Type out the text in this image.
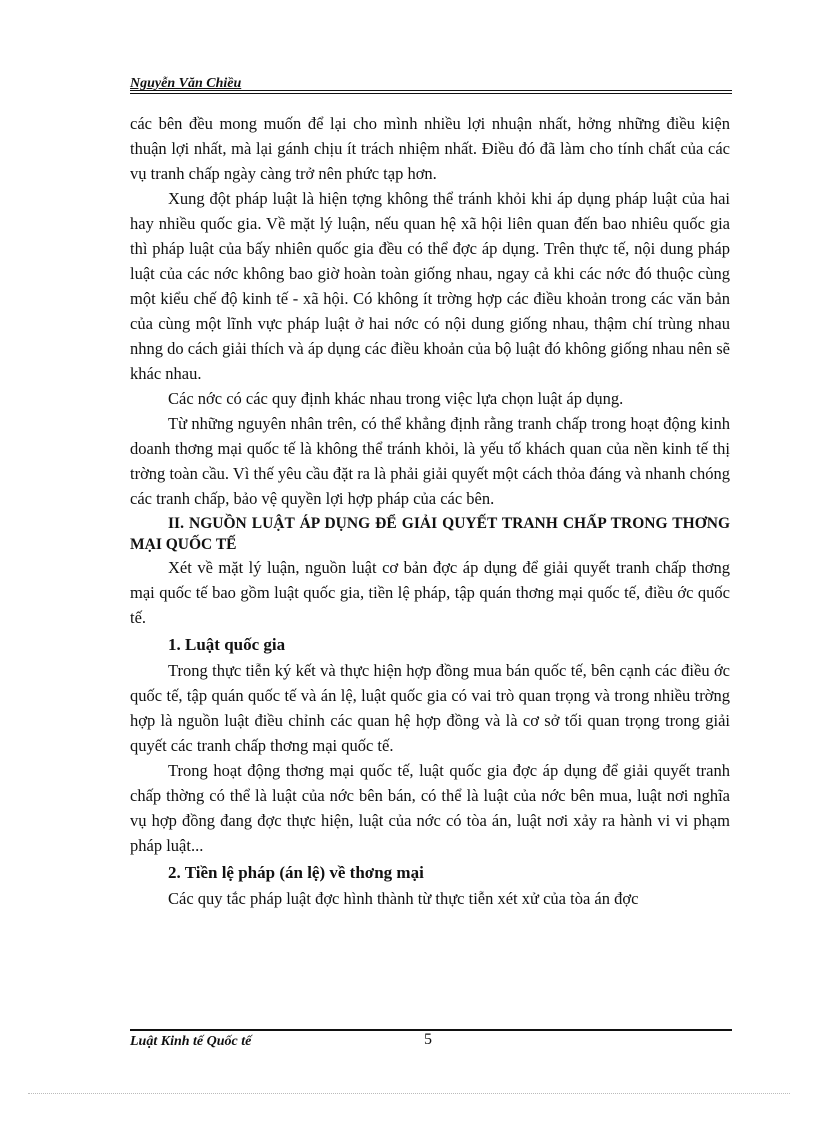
Nguyễn Văn Chiều

các bên đều mong muốn để lại cho mình nhiều lợi nhuận nhất, hởng những điều kiện thuận lợi nhất, mà lại gánh chịu ít trách nhiệm nhất. Điều đó đã làm cho tính chất của các vụ tranh chấp ngày càng trở nên phức tạp hơn.

Xung đột pháp luật là hiện tợng không thể tránh khỏi khi áp dụng pháp luật của hai hay nhiều quốc gia. Về mặt lý luận, nếu quan hệ xã hội liên quan đến bao nhiêu quốc gia thì pháp luật của bấy nhiên quốc gia đều có thể đợc áp dụng. Trên thực tế, nội dung pháp luật của các nớc không bao giờ hoàn toàn giống nhau, ngay cả khi các nớc đó thuộc cùng một kiểu chế độ kinh tế - xã hội. Có không ít trờng hợp các điều khoản trong các văn bản của cùng một lĩnh vực pháp luật ở hai nớc có nội dung giống nhau, thậm chí trùng nhau nhng do cách giải thích và áp dụng các điều khoản của bộ luật đó không giống nhau nên sẽ khác nhau.

Các nớc có các quy định khác nhau trong việc lựa chọn luật áp dụng.

Từ những nguyên nhân trên, có thể khẳng định rằng tranh chấp trong hoạt động kinh doanh thơng mại quốc tế là không thể tránh khỏi, là yếu tố khách quan của nền kinh tế thị trờng toàn cầu. Vì thế yêu cầu đặt ra là phải giải quyết một cách thỏa đáng và nhanh chóng các tranh chấp, bảo vệ quyền lợi hợp pháp của các bên.

II. NGUỒN LUẬT ÁP DỤNG ĐỂ GIẢI QUYẾT TRANH CHẤP TRONG THƠNG MẠI QUỐC TẾ

Xét về mặt lý luận, nguồn luật cơ bản đợc áp dụng để giải quyết tranh chấp thơng mại quốc tế bao gồm luật quốc gia, tiền lệ pháp, tập quán thơng mại quốc tế, điều ớc quốc tế.

1. Luật quốc gia

Trong thực tiễn ký kết và thực hiện hợp đồng mua bán quốc tế, bên cạnh các điều ớc quốc tế, tập quán quốc tế và án lệ, luật quốc gia có vai trò quan trọng và trong nhiều trờng hợp là nguồn luật điều chỉnh các quan hệ hợp đồng và là cơ sở tối quan trọng trong giải quyết các tranh chấp thơng mại quốc tế.

Trong hoạt động thơng mại quốc tế, luật quốc gia đợc áp dụng để giải quyết tranh chấp thờng có thể là luật của nớc bên bán, có thể là luật của nớc bên mua, luật nơi nghĩa vụ hợp đồng đang đợc thực hiện, luật của nớc có tòa án, luật nơi xảy ra hành vi vi phạm pháp luật...

2. Tiền lệ pháp (án lệ) về thơng mại

Các quy tắc pháp luật đợc hình thành từ thực tiễn xét xử của tòa án đợc

Luật Kinh tế Quốc tế	5
